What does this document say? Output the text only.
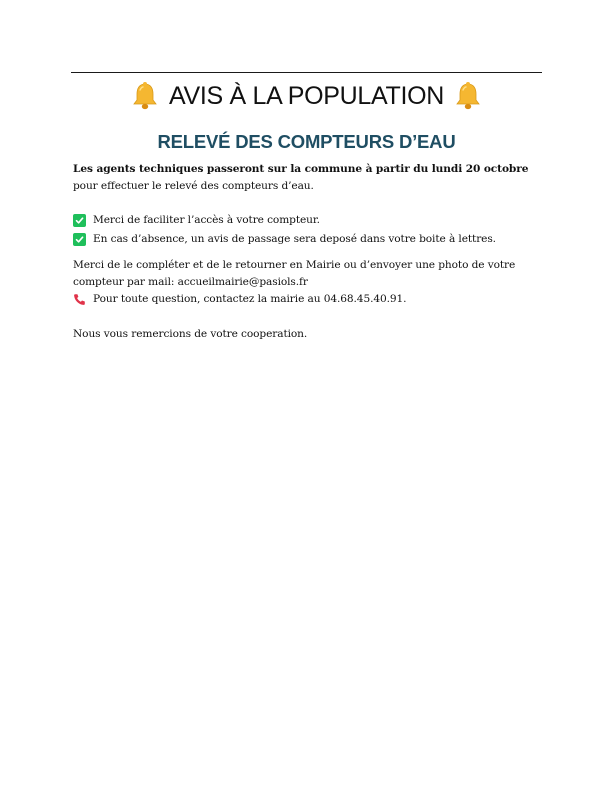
AVIS À LA POPULATION
RELEVÉ DES COMPTEURS D’EAU
Les agents techniques passeront sur la commune à partir du lundi 20 octobre pour effectuer le relevé des compteurs d’eau.
Merci de faciliter l’accès à votre compteur.
En cas d’absence, un avis de passage sera deposé dans votre boite à lettres.
Merci de le compléter et de le retourner en Mairie ou d’envoyer une photo de votre compteur par mail: accueilmairie@pasiols.fr
Pour toute question, contactez la mairie au 04.68.45.40.91.
Nous vous remercions de votre cooperation.
